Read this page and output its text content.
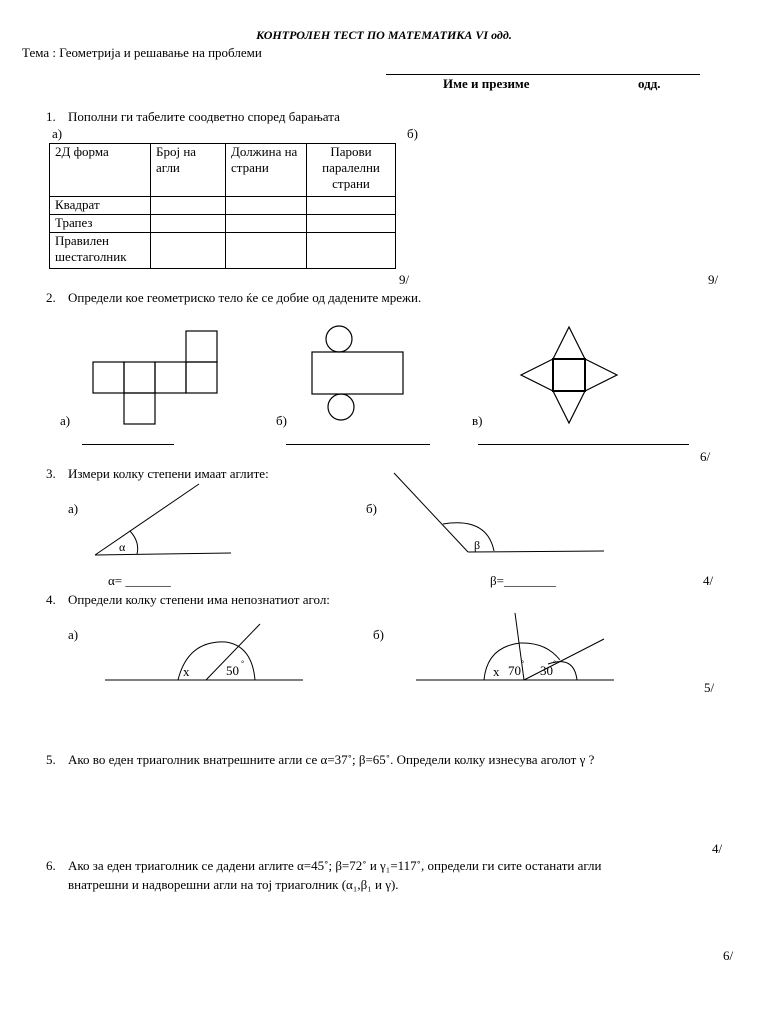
КОНТРОЛЕН ТЕСТ ПО МАТЕМАТИКА VI одд.
Тема : Геометрија и решавање на проблеми
Име и презиме	одд.
1. Пополни ги табелите соодветно според барањата
а)	б)
2Д форма	Број на агли	Должина на страни	Парови паралелни страни
Квадрат			
Трапез			
Правилен шестаголник			
9/	9/
2. Определи кое геометриско тело ќе се добие од дадените мрежи.
а)	б)	в)
6/
3. Измери колку степени имаат аглите:
а)	б)
α	β
α= _______	β=________	4/
4. Определи колку степени има непознатиот агол:
а)	б)
x	50 °
x 70 ° 30 °
5/
5. Ако во еден триаголник внатрешните агли се α=37˚; β=65˚. Определи колку изнесува аголот γ ?
4/
6. Ако за еден триаголник се дадени аглите α=45˚; β=72˚ и γ₁=117˚, определи ги сите останати агли
внатрешни и надворешни агли на тој триаголник (α₁,β₁ и γ).
6/
